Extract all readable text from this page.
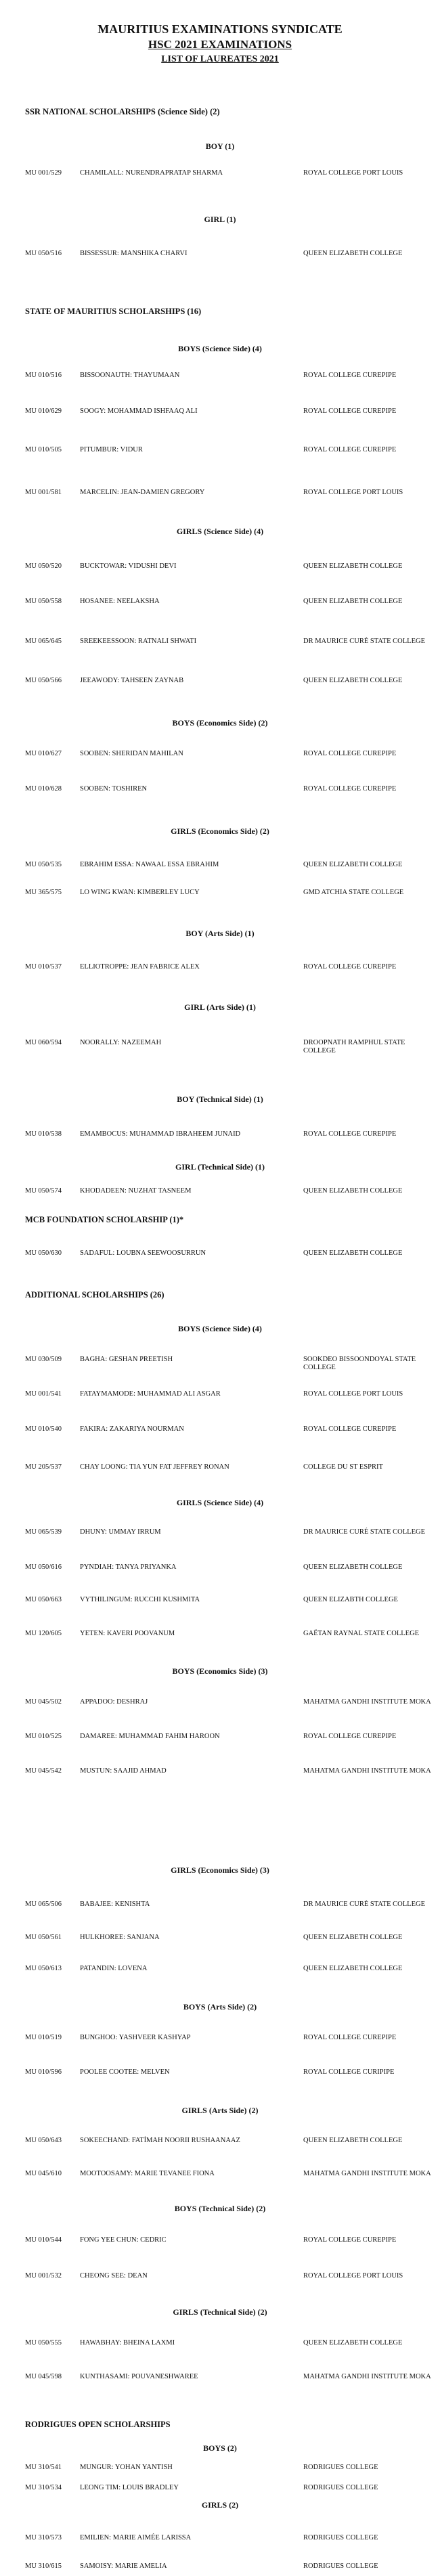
MAURITIUS EXAMINATIONS SYNDICATE
HSC 2021 EXAMINATIONS
LIST OF LAUREATES 2021
SSR NATIONAL SCHOLARSHIPS (Science Side) (2)
BOY (1)
MU 001/529	CHAMILALL: NURENDRAPRATAP SHARMA	ROYAL COLLEGE PORT LOUIS
GIRL (1)
MU 050/516	BISSESSUR: MANSHIKA CHARVI	QUEEN ELIZABETH COLLEGE
STATE OF MAURITIUS SCHOLARSHIPS (16)
BOYS (Science Side) (4)
MU 010/516	BISSOONAUTH: THAYUMAAN	ROYAL COLLEGE CUREPIPE
MU 010/629	SOOGY: MOHAMMAD ISHFAAQ ALI	ROYAL COLLEGE CUREPIPE
MU 010/505	PITUMBUR: VIDUR	ROYAL COLLEGE CUREPIPE
MU 001/581	MARCELIN: JEAN-DAMIEN GREGORY	ROYAL COLLEGE PORT LOUIS
GIRLS (Science Side) (4)
MU 050/520	BUCKTOWAR: VIDUSHI DEVI	QUEEN ELIZABETH COLLEGE
MU 050/558	HOSANEE: NEELAKSHA	QUEEN ELIZABETH COLLEGE
MU 065/645	SREEKEESSOON: RATNALI SHWATI	DR MAURICE CURÉ STATE COLLEGE
MU 050/566	JEEAWODY: TAHSEEN ZAYNAB	QUEEN ELIZABETH COLLEGE
BOYS (Economics Side) (2)
MU 010/627	SOOBEN: SHERIDAN MAHILAN	ROYAL COLLEGE CUREPIPE
MU 010/628	SOOBEN: TOSHIREN	ROYAL COLLEGE CUREPIPE
GIRLS (Economics Side) (2)
MU 050/535	EBRAHIM ESSA: NAWAAL ESSA EBRAHIM	QUEEN ELIZABETH COLLEGE
MU 365/575	LO WING KWAN: KIMBERLEY LUCY	GMD ATCHIA STATE COLLEGE
BOY (Arts Side) (1)
MU 010/537	ELLIOTROPPE: JEAN FABRICE ALEX	ROYAL COLLEGE CUREPIPE
GIRL (Arts Side) (1)
MU 060/594	NOORALLY: NAZEEMAH	DROOPNATH RAMPHUL STATE COLLEGE
BOY (Technical Side) (1)
MU 010/538	EMAMBOCUS: MUHAMMAD IBRAHEEM JUNAID	ROYAL COLLEGE CUREPIPE
GIRL (Technical Side) (1)
MU 050/574	KHODADEEN: NUZHAT TASNEEM	QUEEN ELIZABETH COLLEGE
MCB FOUNDATION SCHOLARSHIP (1)*
MU 050/630	SADAFUL: LOUBNA SEEWOOSURRUN	QUEEN ELIZABETH COLLEGE
ADDITIONAL SCHOLARSHIPS (26)
BOYS (Science Side) (4)
MU 030/509	BAGHA: GESHAN PREETISH	SOOKDEO BISSOONDOYAL STATE COLLEGE
MU 001/541	FATAYMAMODE: MUHAMMAD ALI ASGAR	ROYAL COLLEGE PORT LOUIS
MU 010/540	FAKIRA: ZAKARIYA NOURMAN	ROYAL COLLEGE CUREPIPE
MU 205/537	CHAY LOONG: TIA YUN FAT JEFFREY RONAN	COLLEGE DU ST ESPRIT
GIRLS (Science Side) (4)
MU 065/539	DHUNY: UMMAY IRRUM	DR MAURICE CURÉ STATE COLLEGE
MU 050/616	PYNDIAH: TANYA PRIYANKA	QUEEN ELIZABETH COLLEGE
MU 050/663	VYTHILINGUM: RUCCHI KUSHMITA	QUEEN ELIZABTH COLLEGE
MU 120/605	YETEN: KAVERI POOVANUM	GAËTAN RAYNAL STATE COLLEGE
BOYS (Economics Side) (3)
MU 045/502	APPADOO: DESHRAJ	MAHATMA GANDHI INSTITUTE MOKA
MU 010/525	DAMAREE: MUHAMMAD FAHIM HAROON	ROYAL COLLEGE CUREPIPE
MU 045/542	MUSTUN: SAAJID AHMAD	MAHATMA GANDHI INSTITUTE MOKA
GIRLS (Economics Side) (3)
MU 065/506	BABAJEE: KENISHTA	DR MAURICE CURÉ STATE COLLEGE
MU 050/561	HULKHOREE: SANJANA	QUEEN ELIZABETH COLLEGE
MU 050/613	PATANDIN: LOVENA	QUEEN ELIZABETH COLLEGE
BOYS (Arts Side) (2)
MU 010/519	BUNGHOO: YASHVEER KASHYAP	ROYAL COLLEGE CUREPIPE
MU 010/596	POOLEE COOTEE: MELVEN	ROYAL COLLEGE CURIPIPE
GIRLS (Arts Side) (2)
MU 050/643	SOKEECHAND: FATİMAH NOORII RUSHAANAAZ	QUEEN ELIZABETH COLLEGE
MU 045/610	MOOTOOSAMY: MARIE TEVANEE FIONA	MAHATMA GANDHI INSTITUTE MOKA
BOYS (Technical Side) (2)
MU 010/544	FONG YEE CHUN: CEDRIC	ROYAL COLLEGE CUREPIPE
MU 001/532	CHEONG SEE: DEAN	ROYAL COLLEGE PORT LOUIS
GIRLS (Technical Side) (2)
MU 050/555	HAWABHAY: BHEINA LAXMI	QUEEN ELIZABETH COLLEGE
MU 045/598	KUNTHASAMI: POUVANESHWAREE	MAHATMA GANDHI INSTITUTE MOKA
RODRIGUES OPEN SCHOLARSHIPS
BOYS (2)
MU 310/541	MUNGUR: YOHAN YANTISH	RODRIGUES COLLEGE
MU 310/534	LEONG TIM: LOUIS BRADLEY	RODRIGUES COLLEGE
GIRLS (2)
MU 310/573	EMILIEN: MARIE AIMÉE LARISSA	RODRIGUES COLLEGE
MU 310/615	SAMOISY: MARIE AMELIA	RODRIGUES COLLEGE
